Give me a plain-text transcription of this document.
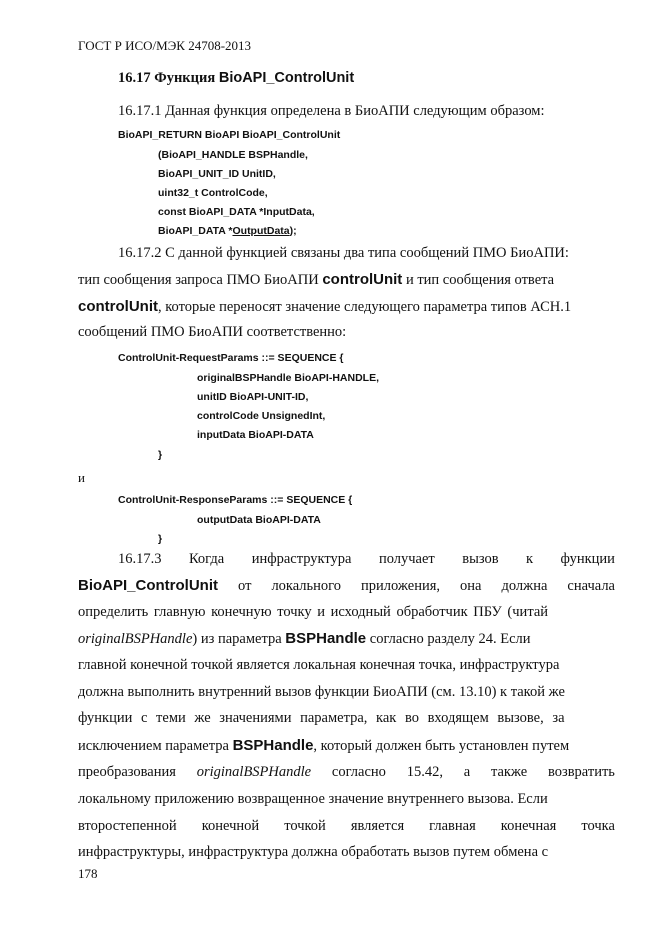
ГОСТ Р ИСО/МЭК 24708-2013
16.17 Функция BioAPI_ControlUnit
16.17.1 Данная функция определена в БиоАПИ следующим образом:
BioAPI_RETURN BioAPI BioAPI_ControlUnit
(BioAPI_HANDLE BSPHandle,
BioAPI_UNIT_ID UnitID,
uint32_t ControlCode,
const BioAPI_DATA *InputData,
BioAPI_DATA *OutputData);
16.17.2 С данной функцией связаны два типа сообщений ПМО БиоАПИ:
тип сообщения запроса ПМО БиоАПИ controlUnit и тип сообщения ответа
controlUnit, которые переносят значение следующего параметра типов АСН.1
сообщений ПМО БиоАПИ соответственно:
ControlUnit-RequestParams ::= SEQUENCE {
originalBSPHandle BioAPI-HANDLE,
unitID BioAPI-UNIT-ID,
controlCode UnsignedInt,
inputData BioAPI-DATA
}
и
ControlUnit-ResponseParams ::= SEQUENCE {
outputData BioAPI-DATA
}
16.17.3 Когда инфраструктура получает вызов к функции
BioAPI_ControlUnit от локального приложения, она должна сначала
определить главную конечную точку и исходный обработчик ПБУ (читай
originalBSPHandle) из параметра BSPHandle согласно разделу 24. Если
главной конечной точкой является локальная конечная точка, инфраструктура
должна выполнить внутренний вызов функции БиоАПИ (см. 13.10) к такой же
функции с теми же значениями параметра, как во входящем вызове, за
исключением параметра BSPHandle, который должен быть установлен путем
преобразования originalBSPHandle согласно 15.42, а также возвратить
локальному приложению возвращенное значение внутреннего вызова. Если
второстепенной конечной точкой является главная конечная точка
инфраструктуры, инфраструктура должна обработать вызов путем обмена с
178
